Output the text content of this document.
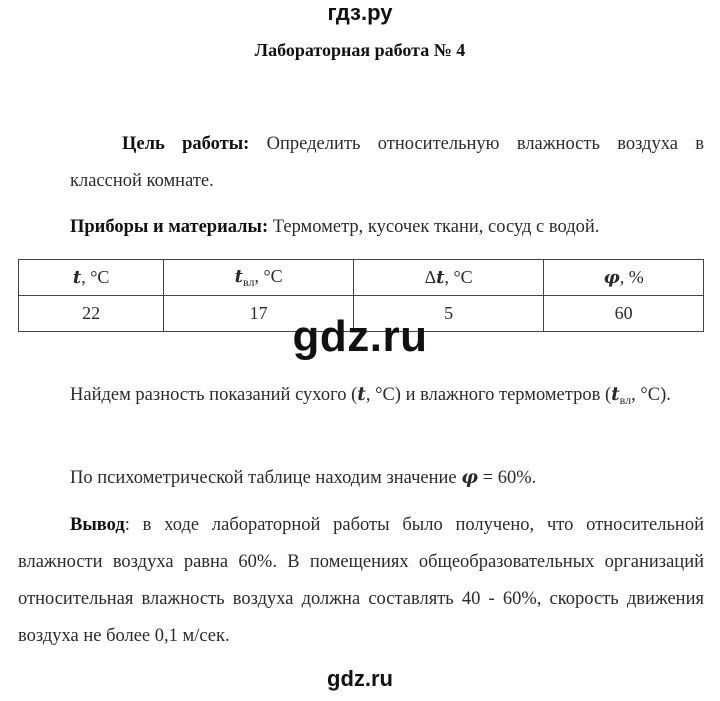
гдз.ру
Лабораторная работа № 4
Цель работы: Определить относительную влажность воздуха в классной комнате.
Приборы и материалы: Термометр, кусочек ткани, сосуд с водой.
t, °C	$t_{вл}$, °C	Δt, °C	φ, %
22	17	5	60
gdz.ru
Найдем разность показаний сухого (t, °C) и влажного термометров ($t_{вл}$, °C).
По психометрической таблице находим значение φ = 60%.
Вывод: в ходе лабораторной работы было получено, что относительной влажности воздуха равна 60%. В помещениях общеобразовательных организаций относительная влажность воздуха должна составлять 40 - 60%, скорость движения воздуха не более 0,1 м/сек.
gdz.ru
